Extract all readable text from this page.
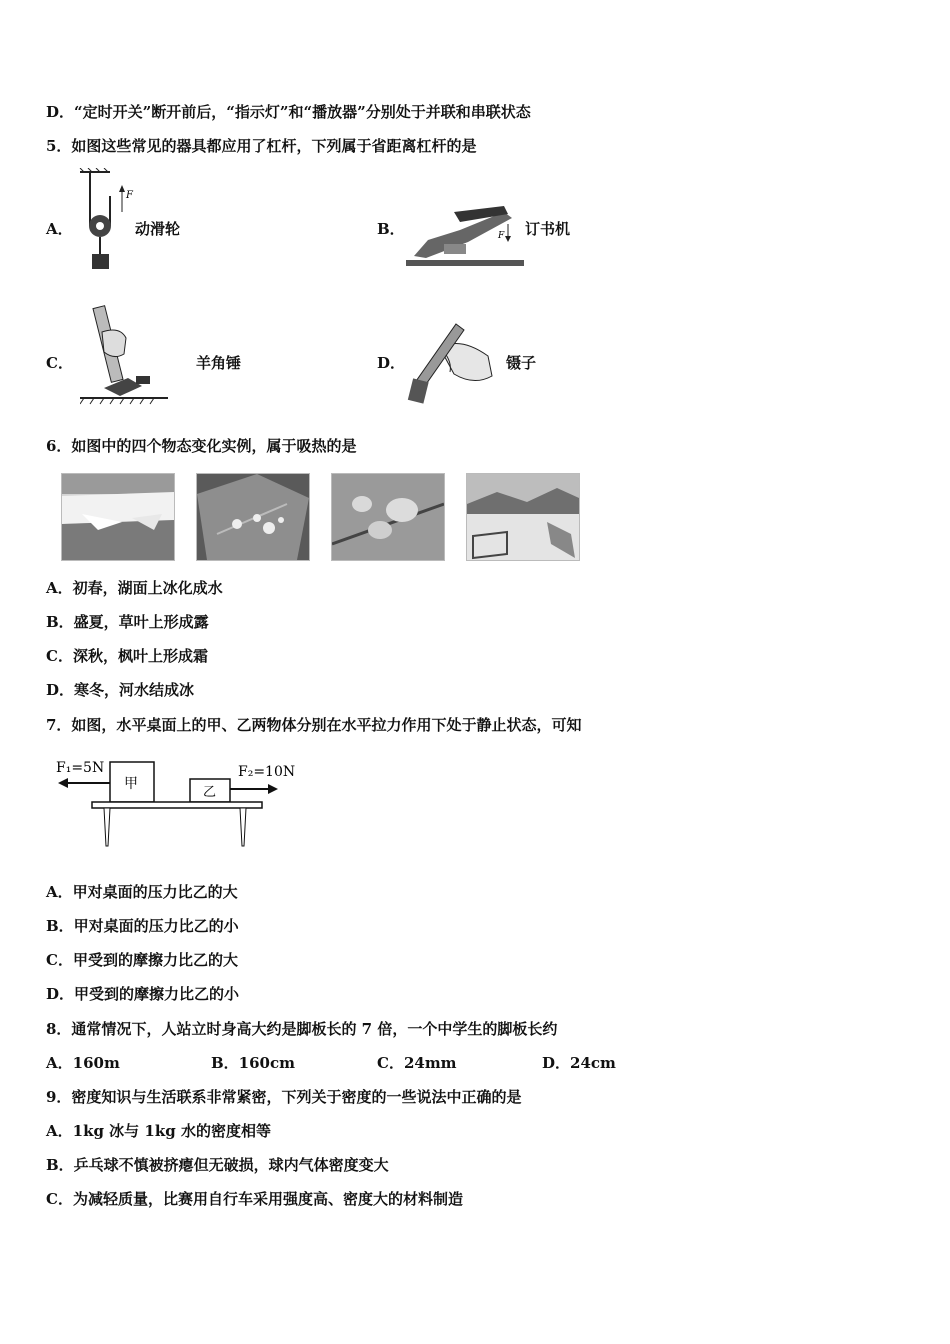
D．“定时开关”断开前后，“指示灯”和“播放器”分别处于并联和串联状态
5．如图这些常见的器具都应用了杠杆，下列属于省距离杠杆的是
A．
F
动滑轮	B．	F 订书机
C．	羊角锤	D．	镊子
6．如图中的四个物态变化实例，属于吸热的是
A．初春，湖面上冰化成水
B．盛夏，草叶上形成露
C．深秋，枫叶上形成霜
D．寒冬，河水结成冰
7．如图，水平桌面上的甲、乙两物体分别在水平拉力作用下处于静止状态，可知
F₁=5N	F₂=10N
甲
乙
A．甲对桌面的压力比乙的大
B．甲对桌面的压力比乙的小
C．甲受到的摩擦力比乙的大
D．甲受到的摩擦力比乙的小
8．通常情况下，人站立时身高大约是脚板长的 7 倍，一个中学生的脚板长约
A．160m	B．160cm	C．24mm	D．24cm
9．密度知识与生活联系非常紧密，下列关于密度的一些说法中正确的是
A．1kg 冰与 1kg 水的密度相等
B．乒乓球不慎被挤瘪但无破损，球内气体密度变大
C．为减轻质量，比赛用自行车采用强度高、密度大的材料制造
